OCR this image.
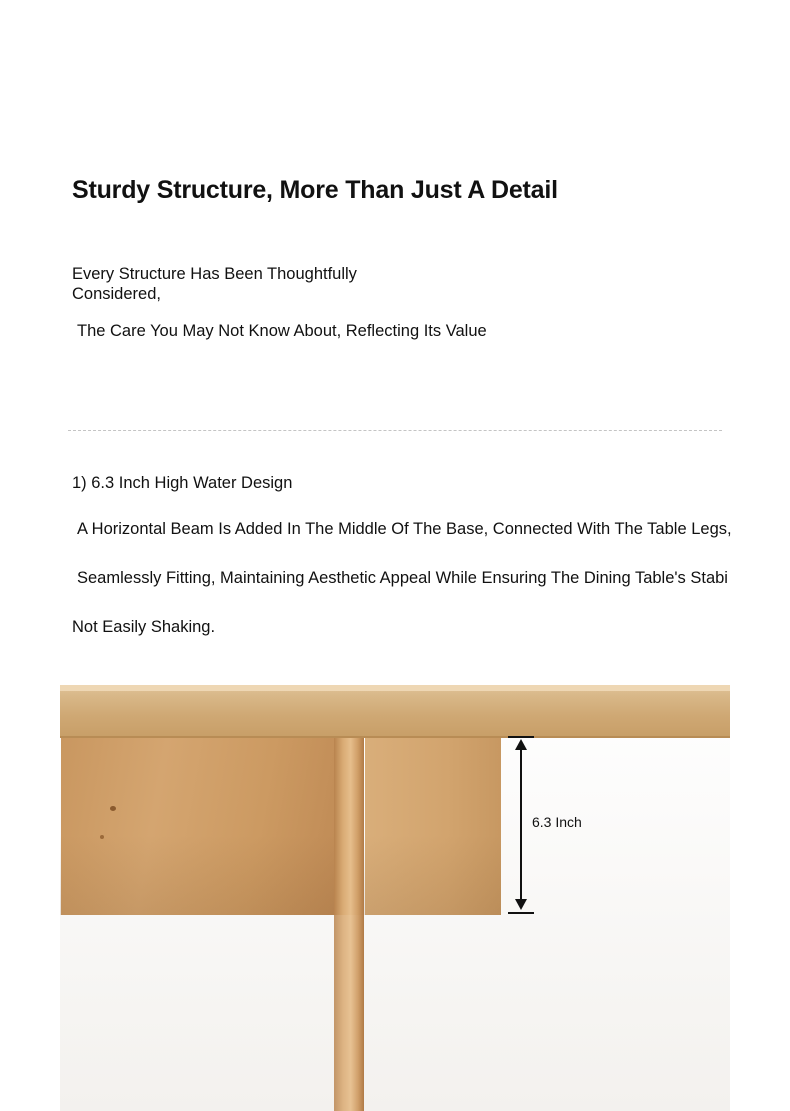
Sturdy Structure, More Than Just A Detail
Every Structure Has Been Thoughtfully
Considered,
The Care You May Not Know About, Reflecting Its Value
1) 6.3 Inch High Water Design
A Horizontal Beam Is Added In The Middle Of The Base, Connected With The Table Legs,
Seamlessly Fitting, Maintaining Aesthetic Appeal While Ensuring The Dining Table's Stabi
Not Easily Shaking.
6.3 Inch
